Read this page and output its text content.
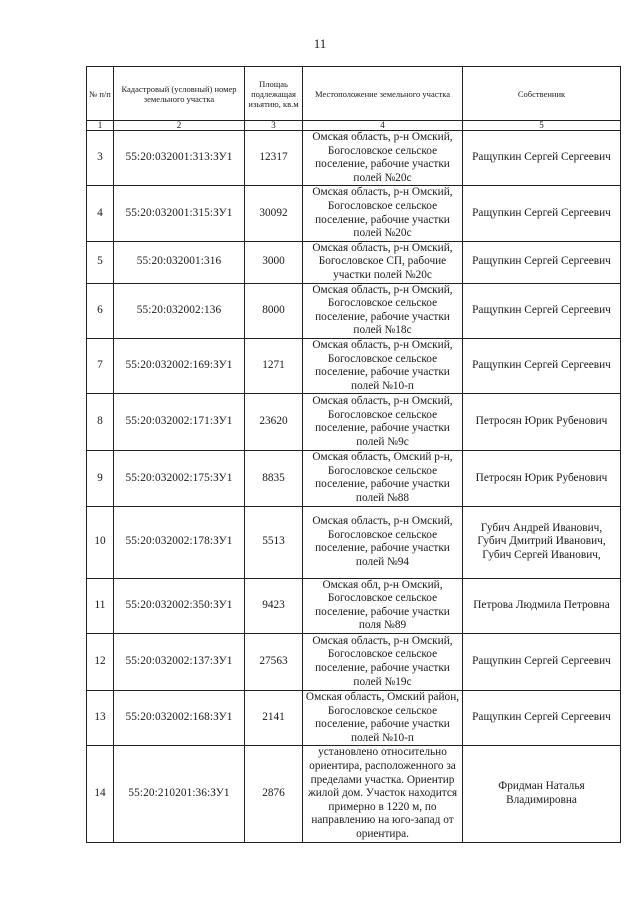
11
№ п/п	Кадастровый (условный) номер земельного участка	Площаь подлежащая изьятию, кв.м	Местоположение земельного участка	Собственник
1	2	3	4	5
3	55:20:032001:313:ЗУ1	12317	Омская область, р-н Омский, Богословское сельское поселение, рабочие участки полей №20с	Ращупкин Сергей Сергеевич
4	55:20:032001:315:ЗУ1	30092	Омская область, р-н Омский, Богословское сельское поселение, рабочие участки полей №20с	Ращупкин Сергей Сергеевич
5	55:20:032001:316	3000	Омская область, р-н Омский, Богословское СП, рабочие участки полей №20с	Ращупкин Сергей Сергеевич
6	55:20:032002:136	8000	Омская область, р-н Омский, Богословское сельское поселение, рабочие участки полей №18с	Ращупкин Сергей Сергеевич
7	55:20:032002:169:ЗУ1	1271	Омская область, р-н Омский, Богословское сельское поселение, рабочие участки полей №10-п	Ращупкин Сергей Сергеевич
8	55:20:032002:171:ЗУ1	23620	Омская область, р-н Омский, Богословское сельское поселение, рабочие участки полей №9с	Петросян Юрик Рубенович
9	55:20:032002:175:ЗУ1	8835	Омская область, Омский р-н, Богословское сельское поселение, рабочие участки полей №88	Петросян Юрик Рубенович
10	55:20:032002:178:ЗУ1	5513	Омская область, р-н Омский, Богословское сельское поселение, рабочие участки полей №94	Губич Андрей Иванович, Губич Дмитрий Иванович, Губич Сергей Иванович,
11	55:20:032002:350:ЗУ1	9423	Омская обл, р-н Омский, Богословское сельское поселение, рабочие участки поля №89	Петрова Людмила Петровна
12	55:20:032002:137:ЗУ1	27563	Омская область, р-н Омский, Богословское сельское поселение, рабочие участки полей №19с	Ращупкин Сергей Сергеевич
13	55:20:032002:168:ЗУ1	2141	Омская область, Омский район, Богословское сельское поселение, рабочие участки полей №10-п	Ращупкин Сергей Сергеевич
14	55:20:210201:36:ЗУ1	2876	установлено относительно ориентира, расположенного за пределами участка. Ориентир жилой дом. Участок находится примерно в 1220 м, по направлению на юго-запад от ориентира.	Фридман Наталья Владимировна
